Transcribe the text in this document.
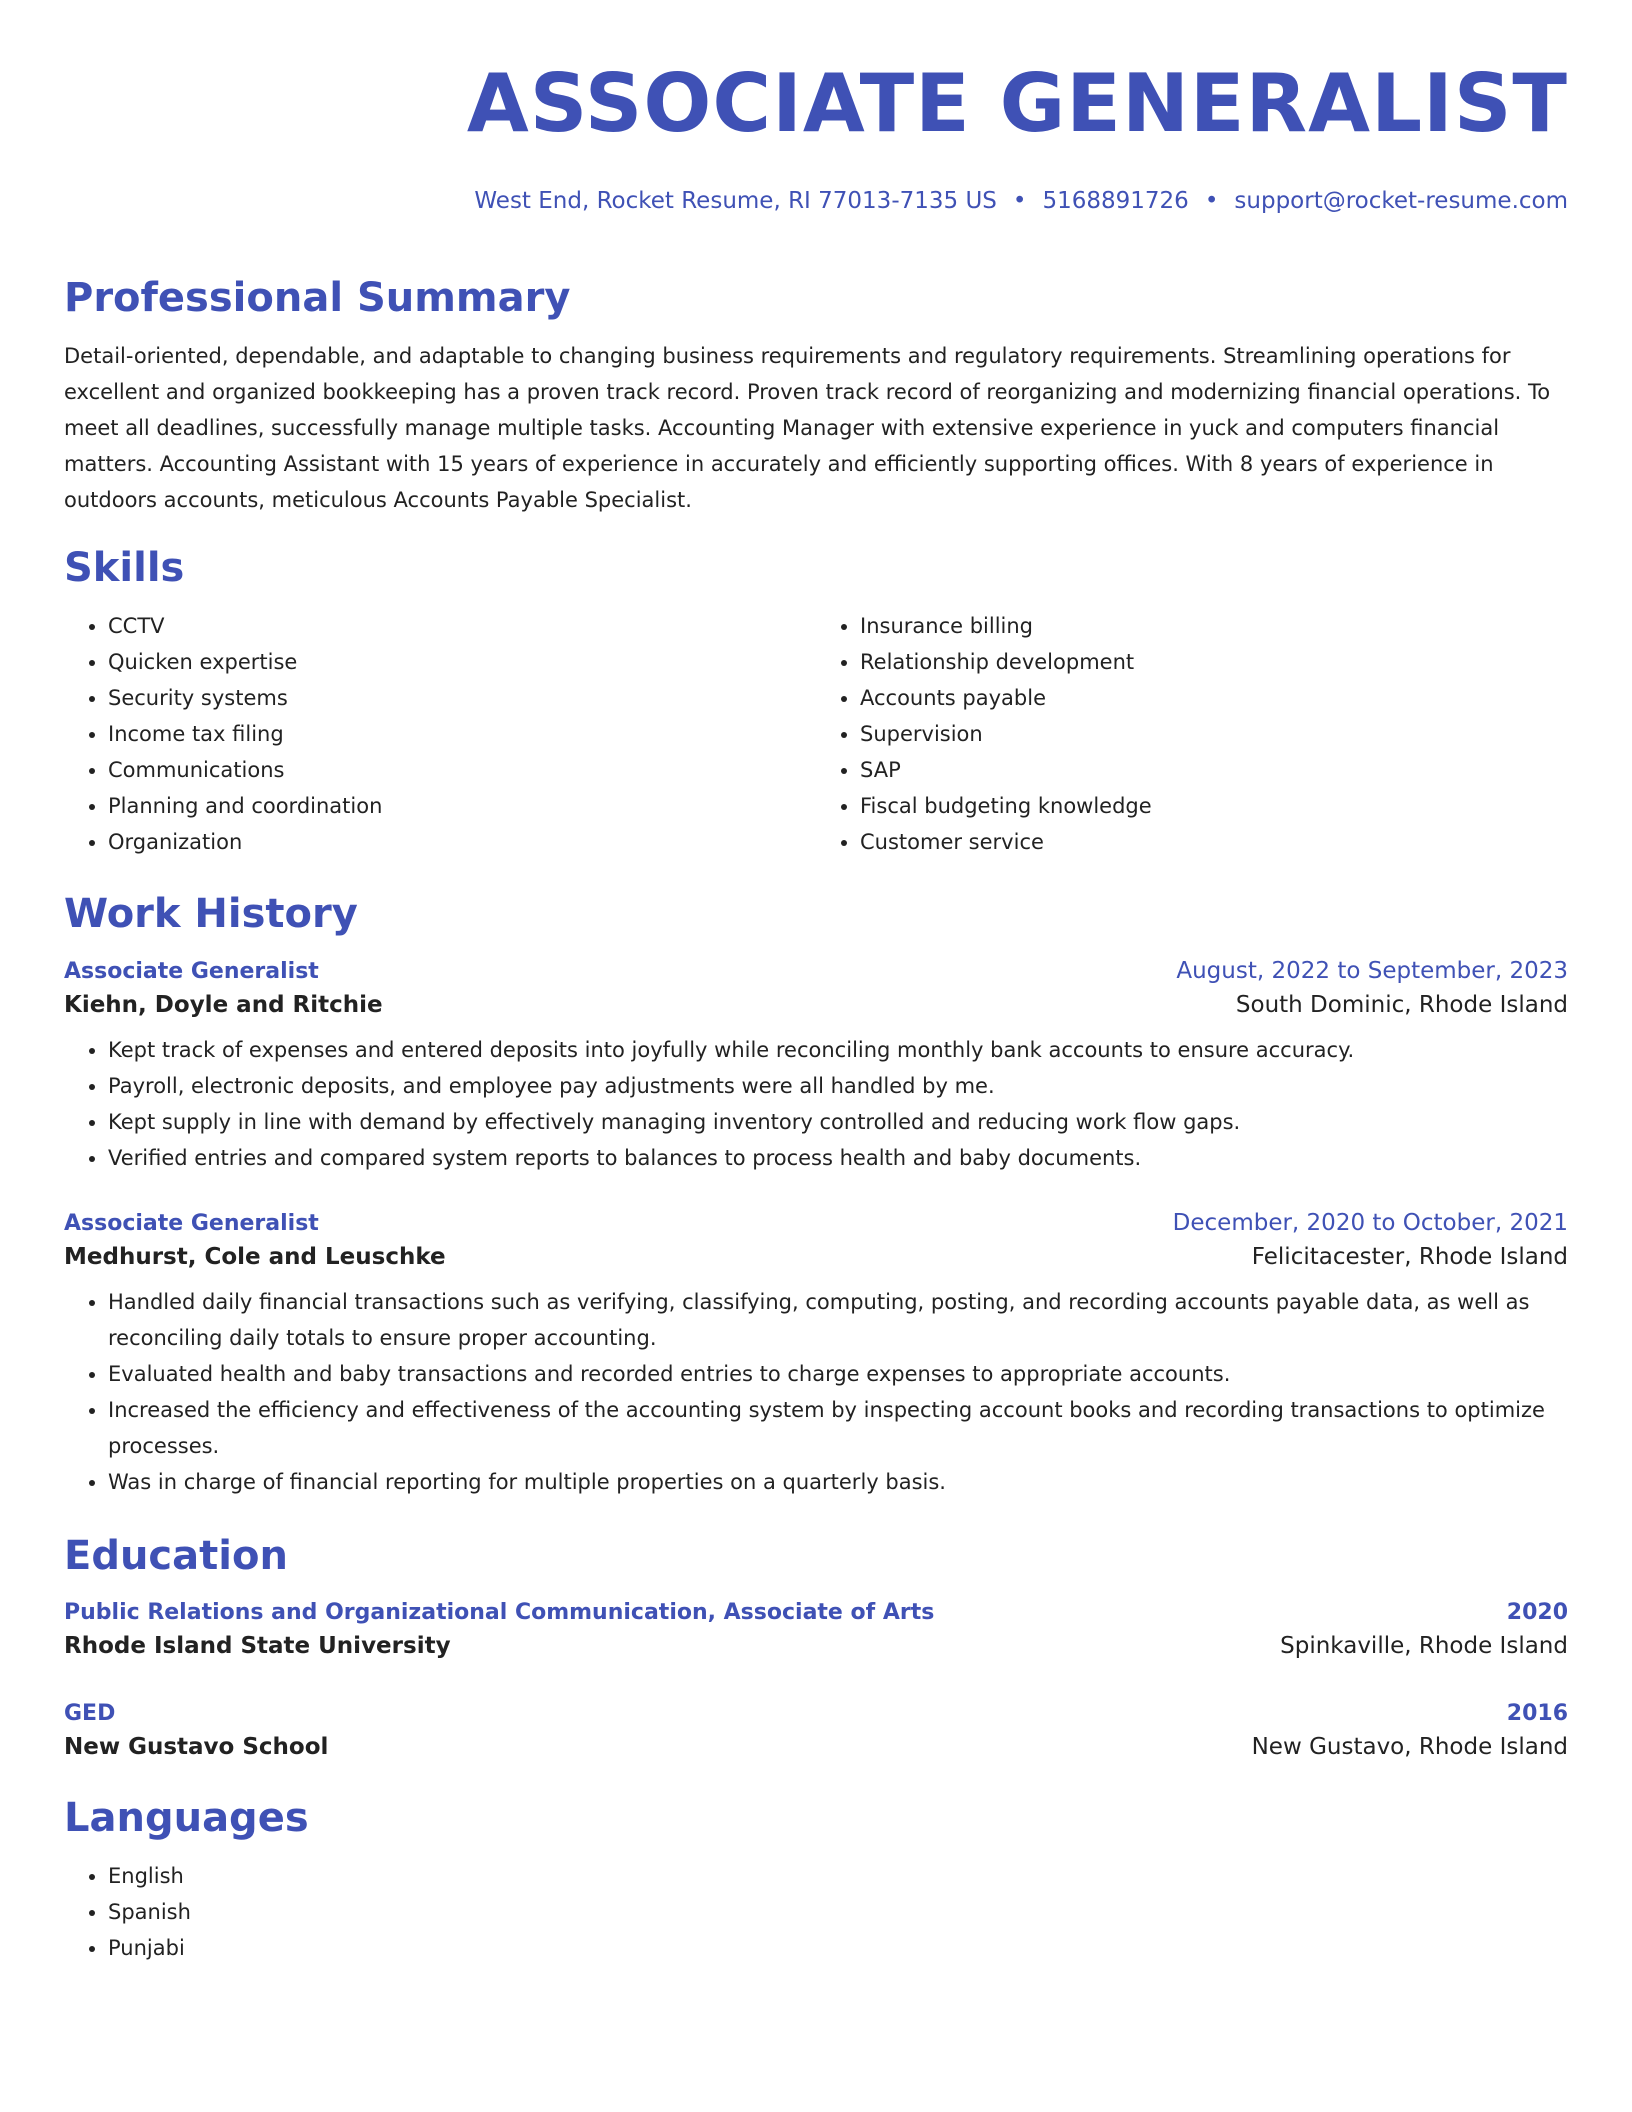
ASSOCIATE GENERALIST
West End, Rocket Resume, RI 77013-7135 US • 5168891726 • support@rocket-resume.com
Professional Summary

Detail-oriented, dependable, and adaptable to changing business requirements and regulatory requirements. Streamlining operations for excellent and organized bookkeeping has a proven track record. Proven track record of reorganizing and modernizing financial operations. To meet all deadlines, successfully manage multiple tasks. Accounting Manager with extensive experience in yuck and computers financial matters. Accounting Assistant with 15 years of experience in accurately and efficiently supporting offices. With 8 years of experience in outdoors accounts, meticulous Accounts Payable Specialist.

Skills
• CCTV
• Quicken expertise
• Security systems
• Income tax filing
• Communications
• Planning and coordination
• Organization
• Insurance billing
• Relationship development
• Accounts payable
• Supervision
• SAP
• Fiscal budgeting knowledge
• Customer service
Work History
Associate Generalist	August, 2022 to September, 2023
Kiehn, Doyle and Ritchie	South Dominic, Rhode Island
• Kept track of expenses and entered deposits into joyfully while reconciling monthly bank accounts to ensure accuracy.
• Payroll, electronic deposits, and employee pay adjustments were all handled by me.
• Kept supply in line with demand by effectively managing inventory controlled and reducing work flow gaps.
• Verified entries and compared system reports to balances to process health and baby documents.
Associate Generalist	December, 2020 to October, 2021
Medhurst, Cole and Leuschke	Felicitacester, Rhode Island
• Handled daily financial transactions such as verifying, classifying, computing, posting, and recording accounts payable data, as well as reconciling daily totals to ensure proper accounting.
• Evaluated health and baby transactions and recorded entries to charge expenses to appropriate accounts.
• Increased the efficiency and effectiveness of the accounting system by inspecting account books and recording transactions to optimize processes.
• Was in charge of financial reporting for multiple properties on a quarterly basis.
Education
Public Relations and Organizational Communication, Associate of Arts	2020
Rhode Island State University	Spinkaville, Rhode Island
GED	2016
New Gustavo School	New Gustavo, Rhode Island
Languages
• English
• Spanish
• Punjabi
